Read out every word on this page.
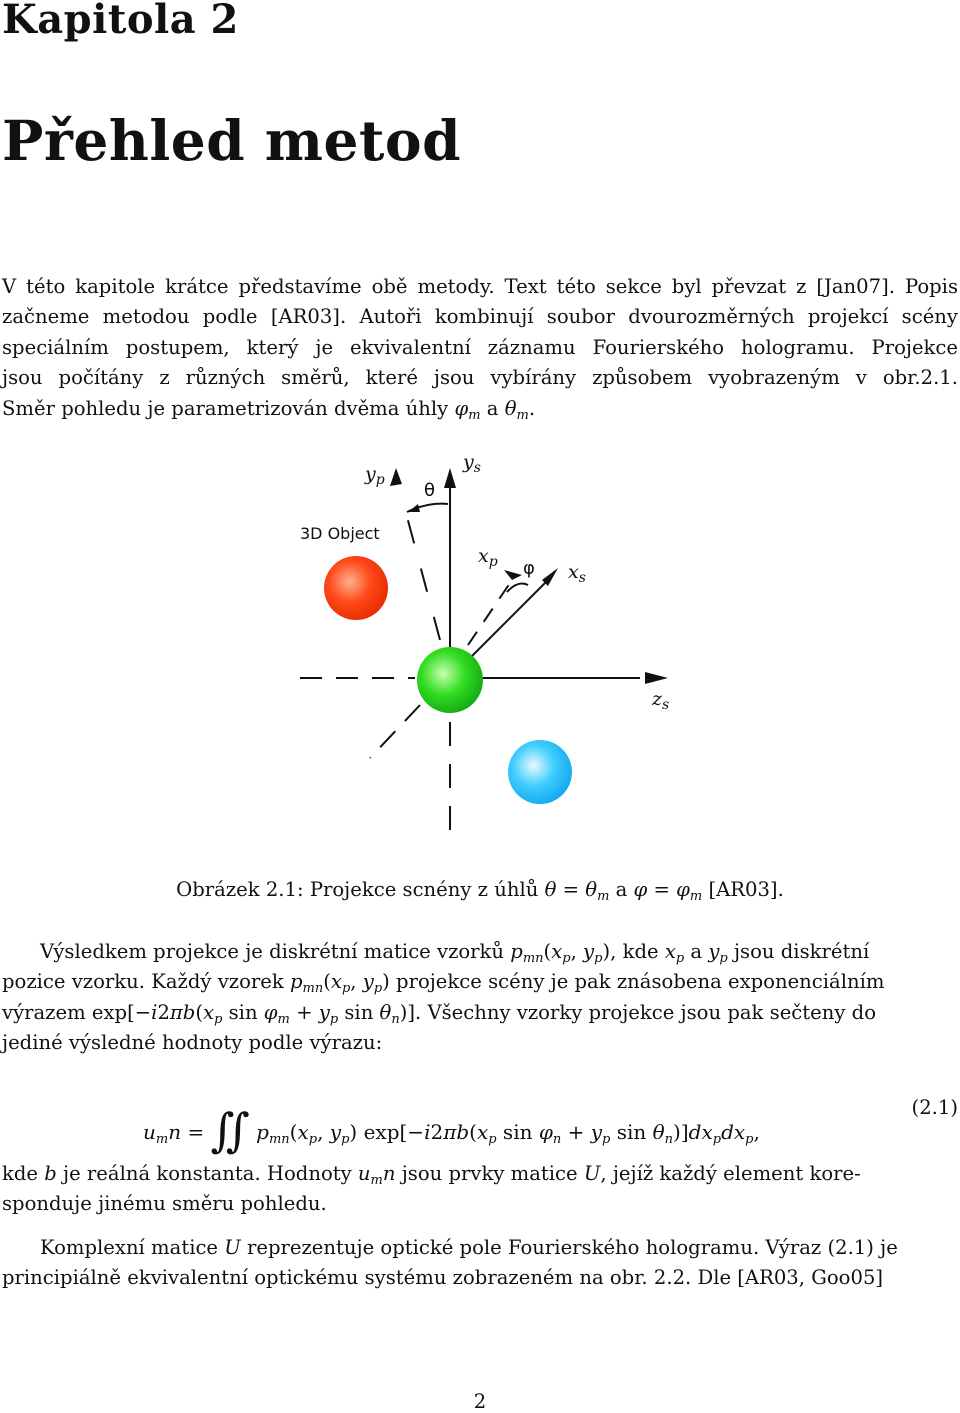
Kapitola 2
Přehled metod
V této kapitole krátce představíme obě metody. Text této sekce byl převzat z [Jan07]. Popis
začneme metodou podle [AR03]. Autoři kombinují soubor dvourozměrných projekcí scény
speciálním postupem, který je ekvivalentní záznamu Fourierského hologramu. Projekce
jsou počítány z různých směrů, které jsou vybírány způsobem vyobrazeným v obr.2.1.
Směr pohledu je parametrizován dvěma úhly $\varphi_m$ a $\theta_m$.
3D Object
$y_p$
$y_s$
θ
$x_p$ φ $x_s$
$z_s$
Obrázek 2.1: Projekce scnény z úhlů $\theta = \theta_m$ a $\varphi = \varphi_m$ [AR03].
Výsledkem projekce je diskrétní matice vzorků $p_{mn}(x_p$, $y_p$), kde $x_p$ a $y_p$ jsou diskrétní
pozice vzorku. Každý vzorek $p_{mn}(x_p$, $y_p$) projekce scény je pak znásobena exponenciálním
výrazem $\exp[-i2\pi b(x_p$ $\sin \varphi_m + y_p$ $\sin \theta_n$)]. Všechny vzorky projekce jsou pak sečteny do
jediné výsledné hodnoty podle výrazu:
$u_mn$ = ∬ $p_{mn}(x_p$, $y_p$) $\exp[-i2\pi b(x_p$ $\sin \varphi_n + y_p$ $\sin \theta_n)]dx_pdx_p$,
(2.1)
kde b je reálná konstanta. Hodnoty $u_mn$ jsou prvky matice U, jejíž každý element kore-
sponduje jinému směru pohledu.
Komplexní matice U reprezentuje optické pole Fourierského hologramu. Výraz (2.1) je
principiálně ekvivalentní optickému systému zobrazeném na obr. 2.2. Dle [AR03, Goo05]
2
